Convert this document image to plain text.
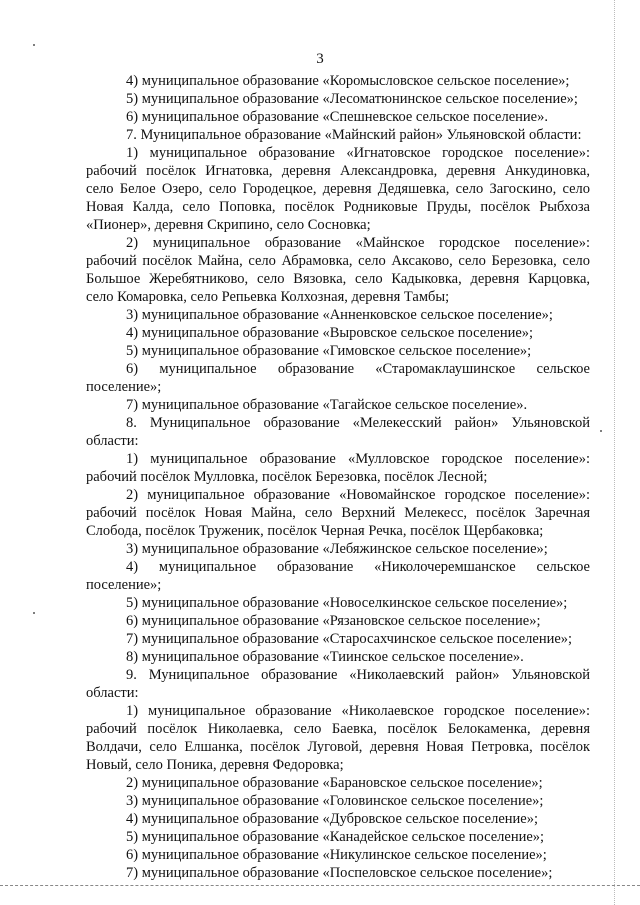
3
4) муниципальное образование «Коромысловское сельское поселение»;
5) муниципальное образование «Лесоматюнинское сельское поселение»;
6) муниципальное образование «Спешневское сельское поселение».
7. Муниципальное образование «Майнский район» Ульяновской области:
1) муниципальное образование «Игнатовское городское поселение»:
рабочий посёлок Игнатовка, деревня Александровка, деревня Анкудиновка,
село Белое Озеро, село Городецкое, деревня Дедяшевка, село Загоскино, село
Новая Калда, село Поповка, посёлок Родниковые Пруды, посёлок Рыбхоза
«Пионер», деревня Скрипино, село Сосновка;
2) муниципальное образование «Майнское городское поселение»:
рабочий посёлок Майна, село Абрамовка, село Аксаково, село Березовка, село
Большое Жеребятниково, село Вязовка, село Кадыковка, деревня Карцовка,
село Комаровка, село Репьевка Колхозная, деревня Тамбы;
3) муниципальное образование «Анненковское сельское поселение»;
4) муниципальное образование «Выровское сельское поселение»;
5) муниципальное образование «Гимовское сельское поселение»;
6) муниципальное образование «Старомаклаушинское сельское
поселение»;
7) муниципальное образование «Тагайское сельское поселение».
8. Муниципальное образование «Мелекесский район» Ульяновской
области:
1) муниципальное образование «Мулловское городское поселение»:
рабочий посёлок Мулловка, посёлок Березовка, посёлок Лесной;
2) муниципальное образование «Новомайнское городское поселение»:
рабочий посёлок Новая Майна, село Верхний Мелекесс, посёлок Заречная
Слобода, посёлок Труженик, посёлок Черная Речка, посёлок Щербаковка;
3) муниципальное образование «Лебяжинское сельское поселение»;
4) муниципальное образование «Николочеремшанское сельское
поселение»;
5) муниципальное образование «Новоселкинское сельское поселение»;
6) муниципальное образование «Рязановское сельское поселение»;
7) муниципальное образование «Старосахчинское сельское поселение»;
8) муниципальное образование «Тиинское сельское поселение».
9. Муниципальное образование «Николаевский район» Ульяновской
области:
1) муниципальное образование «Николаевское городское поселение»:
рабочий посёлок Николаевка, село Баевка, посёлок Белокаменка, деревня
Волдачи, село Елшанка, посёлок Луговой, деревня Новая Петровка, посёлок
Новый, село Поника, деревня Федоровка;
2) муниципальное образование «Барановское сельское поселение»;
3) муниципальное образование «Головинское сельское поселение»;
4) муниципальное образование «Дубровское сельское поселение»;
5) муниципальное образование «Канадейское сельское поселение»;
6) муниципальное образование «Никулинское сельское поселение»;
7) муниципальное образование «Поспеловское сельское поселение»;
